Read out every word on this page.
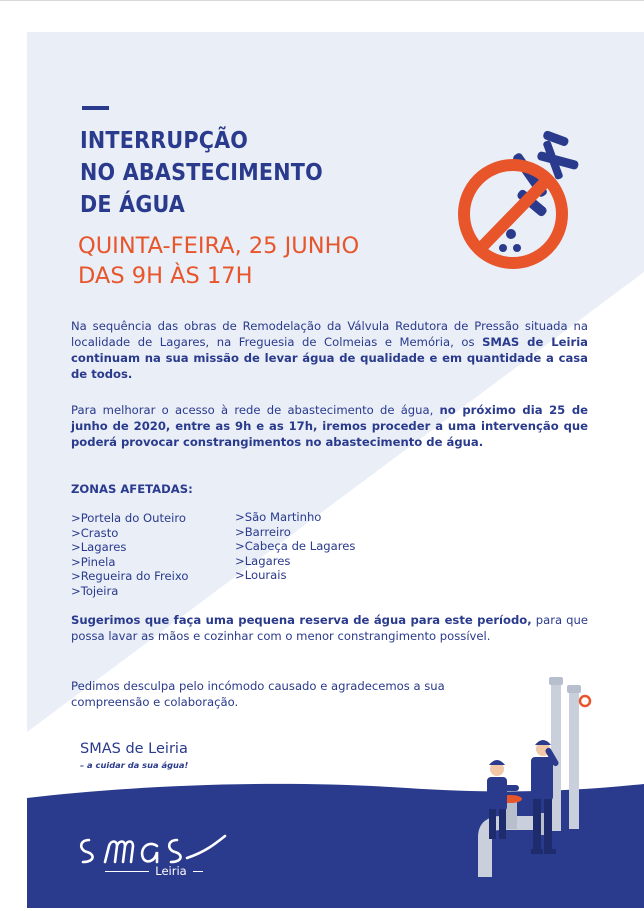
INTERRUPÇÃO
NO ABASTECIMENTO
DE ÁGUA
QUINTA-FEIRA, 25 JUNHO
DAS 9H ÀS 17H

Na sequência das obras de Remodelação da Válvula Redutora de Pressão situada na localidade de Lagares, na Freguesia de Colmeias e Memória, os SMAS de Leiria continuam na sua missão de levar água de qualidade e em quantidade a casa de todos.

Para melhorar o acesso à rede de abastecimento de água, no próximo dia 25 de junho de 2020, entre as 9h e as 17h, iremos proceder a uma intervenção que poderá provocar constrangimentos no abastecimento de água.

ZONAS AFETADAS:
>Portela do Outeiro
>Crasto
>Lagares
>Pinela
>Regueira do Freixo
>Tojeira
>São Martinho
>Barreiro
>Cabeça de Lagares
>Lagares
>Lourais

Sugerimos que faça uma pequena reserva de água para este período, para que possa lavar as mãos e cozinhar com o menor constrangimento possível.

Pedimos desculpa pelo incómodo causado e agradecemos a sua compreensão e colaboração.

SMAS de Leiria
– a cuidar da sua água!
Leiria
